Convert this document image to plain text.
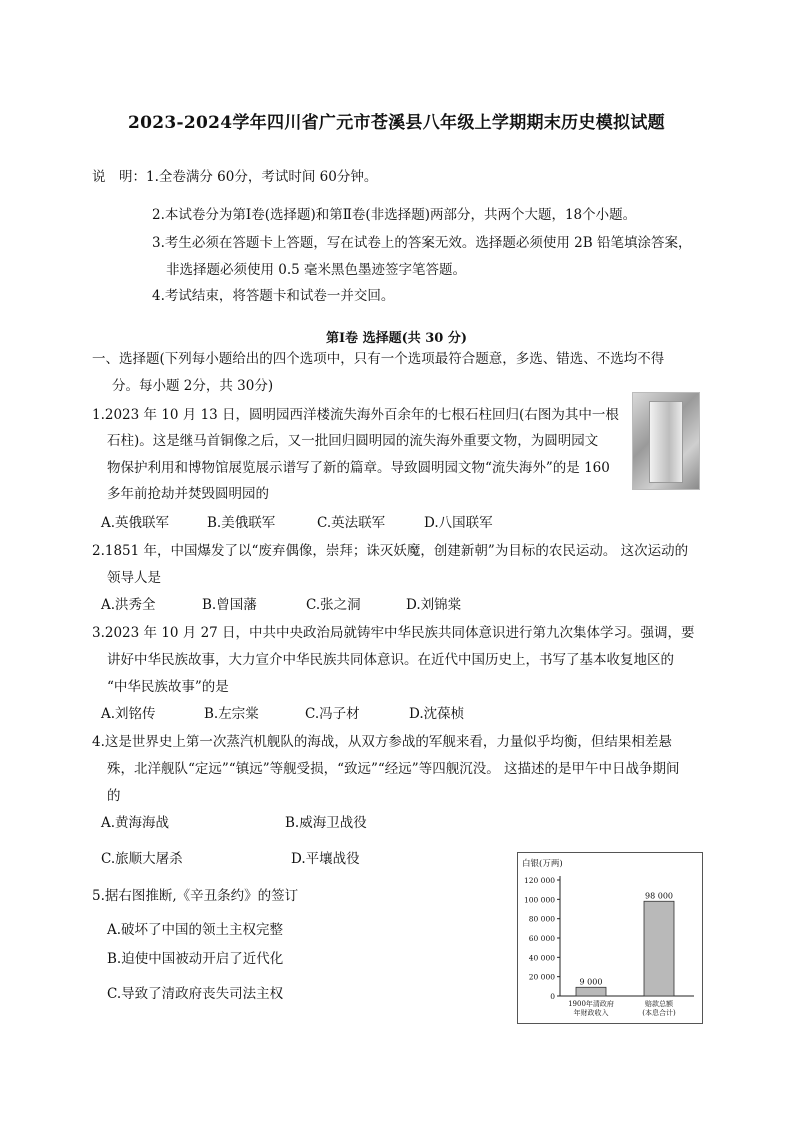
2023-2024学年四川省广元市苍溪县八年级上学期期末历史模拟试题
说　明：1.全卷满分 60分，考试时间 60分钟。
2.本试卷分为第Ⅰ卷(选择题)和第Ⅱ卷(非选择题)两部分，共两个大题，18个小题。
3.考生必须在答题卡上答题，写在试卷上的答案无效。选择题必须使用 2B 铅笔填涂答案，
非选择题必须使用 0.5 毫米黑色墨迹签字笔答题。
4.考试结束，将答题卡和试卷一并交回。
第Ⅰ卷 选择题(共 30 分)
一、选择题(下列每小题给出的四个选项中，只有一个选项最符合题意，多选、错选、不选均不得
分。每小题 2分，共 30分)
1.2023 年 10 月 13 日，圆明园西洋楼流失海外百余年的七根石柱回归(右图为其中一根
石柱)。这是继马首铜像之后，又一批回归圆明园的流失海外重要文物，为圆明园文
物保护利用和博物馆展览展示谱写了新的篇章。导致圆明园文物“流失海外”的是 160
多年前抢劫并焚毁圆明园的
A.英俄联军	B.美俄联军	C.英法联军	D.八国联军
2.1851 年，中国爆发了以“废弃偶像，崇拜；诛灭妖魔，创建新朝”为目标的农民运动。 这次运动的
领导人是
A.洪秀全	B.曾国藩	C.张之洞	D.刘锦棠
3.2023 年 10 月 27 日，中共中央政治局就铸牢中华民族共同体意识进行第九次集体学习。强调，要
讲好中华民族故事，大力宣介中华民族共同体意识。在近代中国历史上，书写了基本收复地区的
“中华民族故事”的是
A.刘铭传	B.左宗棠	C.冯子材	D.沈葆桢
4.这是世界史上第一次蒸汽机舰队的海战，从双方参战的军舰来看，力量似乎均衡，但结果相差悬
殊，北洋舰队“定远”“镇远”等舰受损，“致远”“经远”等四舰沉没。 这描述的是甲午中日战争期间
的
A.黄海海战	B.威海卫战役
C.旅顺大屠杀	D.平壤战役
5.据右图推断,《辛丑条约》的签订
A.破坏了中国的领土主权完整
B.迫使中国被动开启了近代化
C.导致了清政府丧失司法主权
白银(万两)
0
20 000
40 000
60 000
80 000
100 000
120 000
9 000
1900年清政府
年财政收入
98 000
赔款总额
(本息合计)
